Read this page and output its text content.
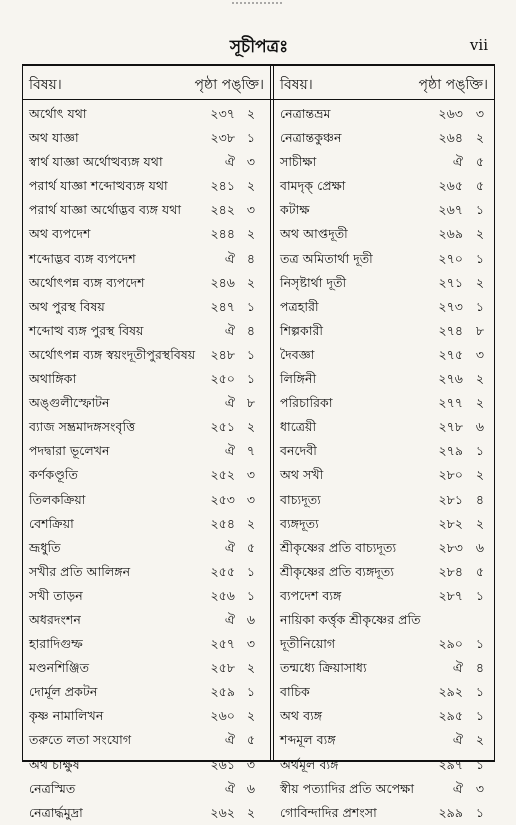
সূচীপত্রঃ	vii
বিষয়।	পৃষ্ঠা পঙ্‌ক্তি।
অর্থোৎ যথা	২৩৭ ২
অথ যাজ্ঞা	২৩৮ ১
স্বার্থ যাজ্ঞা অর্থোত্থব্যঙ্গ যথা	ঐ ৩
পরার্থ যাজ্ঞা শব্দোত্থব্যঙ্গ যথা	২৪১ ২
পরার্থ যাজ্ঞা অর্থোদ্ভব ব্যঙ্গ যথা	২৪২ ৩
অথ ব্যপদেশ	২৪৪ ২
শব্দোদ্ভব ব্যঙ্গ ব্যপদেশ	ঐ ৪
অর্থোৎপন্ন ব্যঙ্গ ব্যপদেশ	২৪৬ ২
অথ পুরস্থ বিষয়	২৪৭ ১
শব্দোত্থ ব্যঙ্গ পুরস্থ বিষয়	ঐ ৪
অর্থোৎপন্ন ব্যঙ্গ স্বয়ংদূতীপুরস্থবিষয়	২৪৮ ১
অথাঙ্গিকা	২৫০ ১
অঙ্গুলীস্ফোটন	ঐ ৮
ব্যাজ সম্ভ্রমাদঙ্গসংবৃত্তি	২৫১ ২
পদদ্বারা ভূলেখন	ঐ ৭
কর্ণকণ্ডূতি	২৫২ ৩
তিলকক্রিয়া	২৫৩ ৩
বেশক্রিয়া	২৫৪ ২
ভ্রূধুতি	ঐ ৫
সখীর প্রতি আলিঙ্গন	২৫৫ ১
সখী তাড়ন	২৫৬ ১
অধরদংশন	ঐ ৬
হারাদিগুম্ফ	২৫৭ ৩
মণ্ডনশিঞ্জিত	২৫৮ ২
দোর্মূল প্রকটন	২৫৯ ১
কৃষ্ণ নামালিখন	২৬০ ২
তরুতে লতা সংযোগ	ঐ ৫
অথ চাক্ষুষ	২৬১ ৩
নেত্রস্মিত	ঐ ৬
নেত্রার্দ্ধমুদ্রা	২৬২ ২
বিষয়।	পৃষ্ঠা পঙ্‌ক্তি।
নেত্রান্তভ্রম	২৬৩	৩
নেত্রান্তকুঞ্চন	২৬৪	২
সাচীক্ষা	ঐ	৫
বামদৃক্ প্রেক্ষা	২৬৫	৫
কটাক্ষ	২৬৭	১
অথ আপ্তদূতী	২৬৯	২
তত্র অমিতার্থা দূতী	২৭০	১
নিসৃষ্টার্থা দূতী	২৭১	২
পত্রহারী	২৭৩	১
শিল্পকারী	২৭৪	৮
দৈবজ্ঞা	২৭৫	৩
লিঙ্গিনী	২৭৬	২
পরিচারিকা	২৭৭	২
ধাত্রেয়ী	২৭৮	৬
বনদেবী	২৭৯	১
অথ সখী	২৮০	২
বাচ্যদূত্য	২৮১	৪
ব্যঙ্গদূত্য	২৮২	২
শ্রীকৃষ্ণের প্রতি বাচ্যদূত্য	২৮৩	৬
শ্রীকৃষ্ণের প্রতি ব্যঙ্গদূত্য	২৮৪	৫
ব্যপদেশ ব্যঙ্গ	২৮৭	১
নায়িকা কর্ত্তৃক শ্রীকৃষ্ণের প্রতি
দূতীনিয়োগ	২৯০	১
তন্মধ্যে ক্রিয়াসাধ্য	ঐ	৪
বাচিক	২৯২	১
অথ ব্যঙ্গ	২৯৫	১
শব্দমূল ব্যঙ্গ	ঐ	২
অর্থমূল ব্যঙ্গ	২৯৭	১
স্বীয় পত্যাদির প্রতি অপেক্ষা	ঐ	৩
গোবিন্দাদির প্রশংসা	২৯৯	১
